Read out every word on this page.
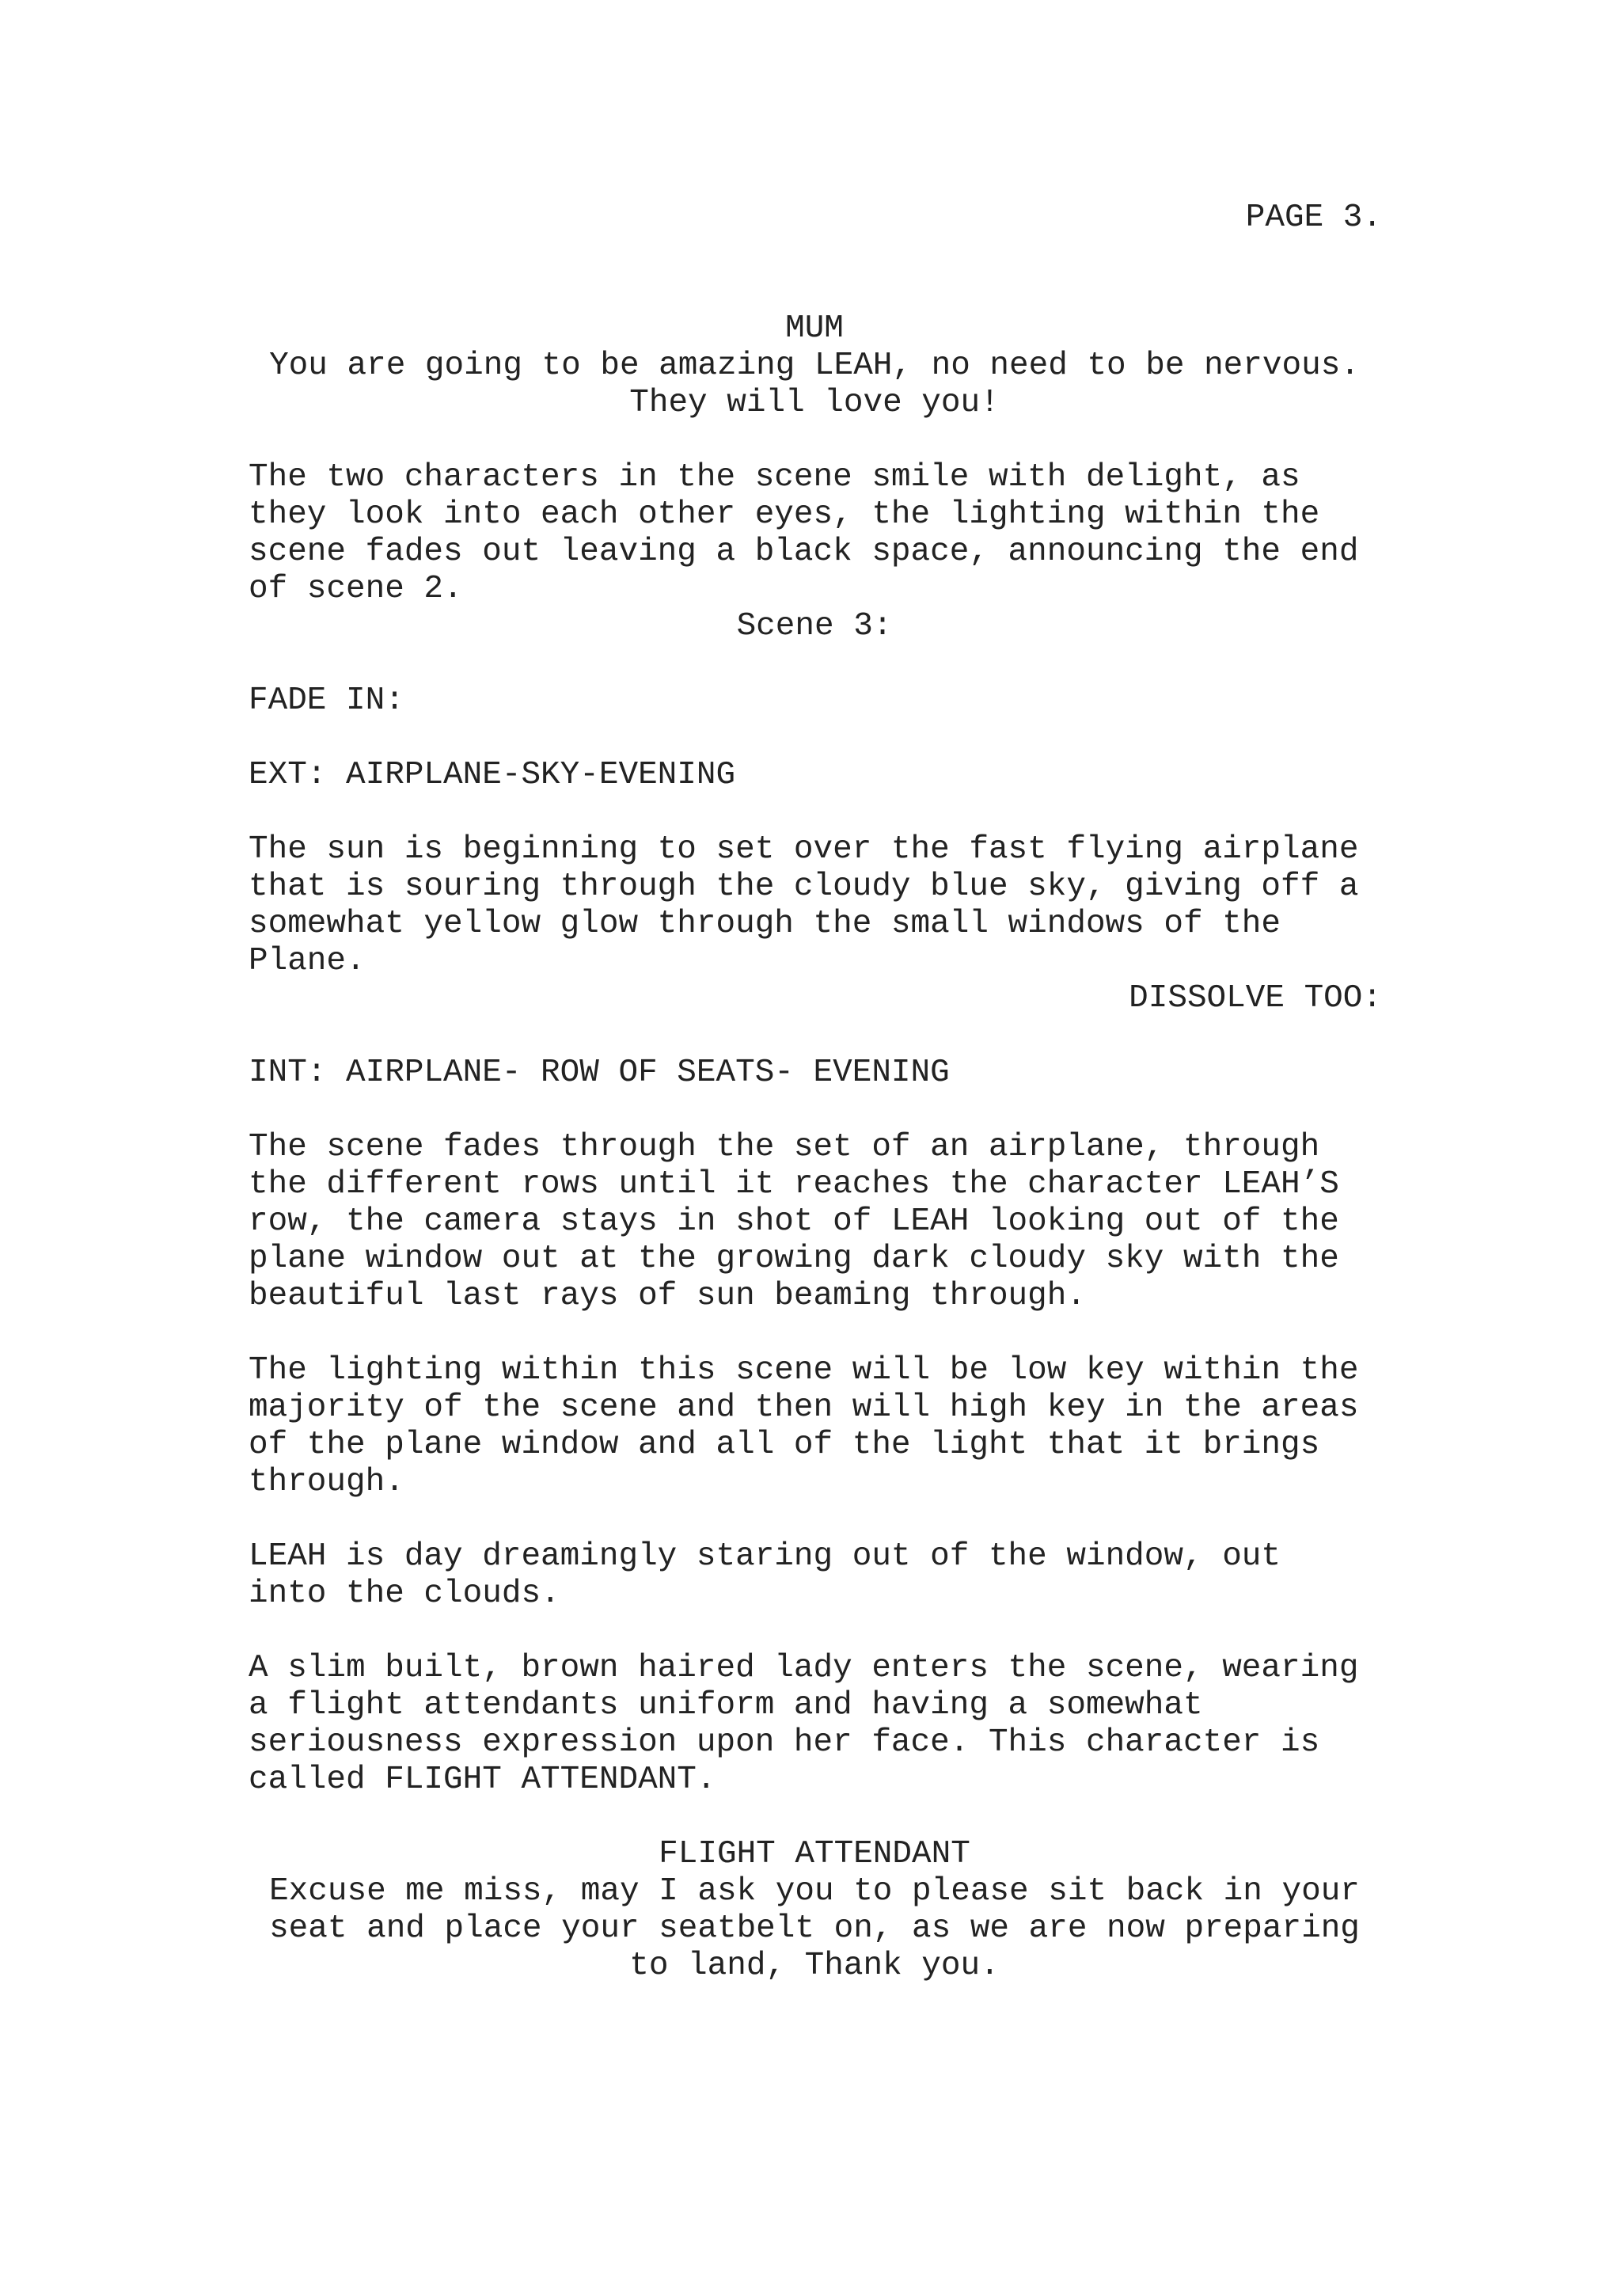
PAGE 3.
MUM
You are going to be amazing LEAH, no need to be nervous.
They will love you!
The two characters in the scene smile with delight, as
they look into each other eyes, the lighting within the
scene fades out leaving a black space, announcing the end
of scene 2.
Scene 3:
FADE IN:
EXT: AIRPLANE-SKY-EVENING
The sun is beginning to set over the fast flying airplane
that is souring through the cloudy blue sky, giving off a
somewhat yellow glow through the small windows of the
Plane.
DISSOLVE TOO:
INT: AIRPLANE- ROW OF SEATS- EVENING
The scene fades through the set of an airplane, through
the different rows until it reaches the character LEAH’S
row, the camera stays in shot of LEAH looking out of the
plane window out at the growing dark cloudy sky with the
beautiful last rays of sun beaming through.
The lighting within this scene will be low key within the
majority of the scene and then will high key in the areas
of the plane window and all of the light that it brings
through.
LEAH is day dreamingly staring out of the window, out
into the clouds.
A slim built, brown haired lady enters the scene, wearing
a flight attendants uniform and having a somewhat
seriousness expression upon her face. This character is
called FLIGHT ATTENDANT.
FLIGHT ATTENDANT
Excuse me miss, may I ask you to please sit back in your
seat and place your seatbelt on, as we are now preparing
to land, Thank you.
